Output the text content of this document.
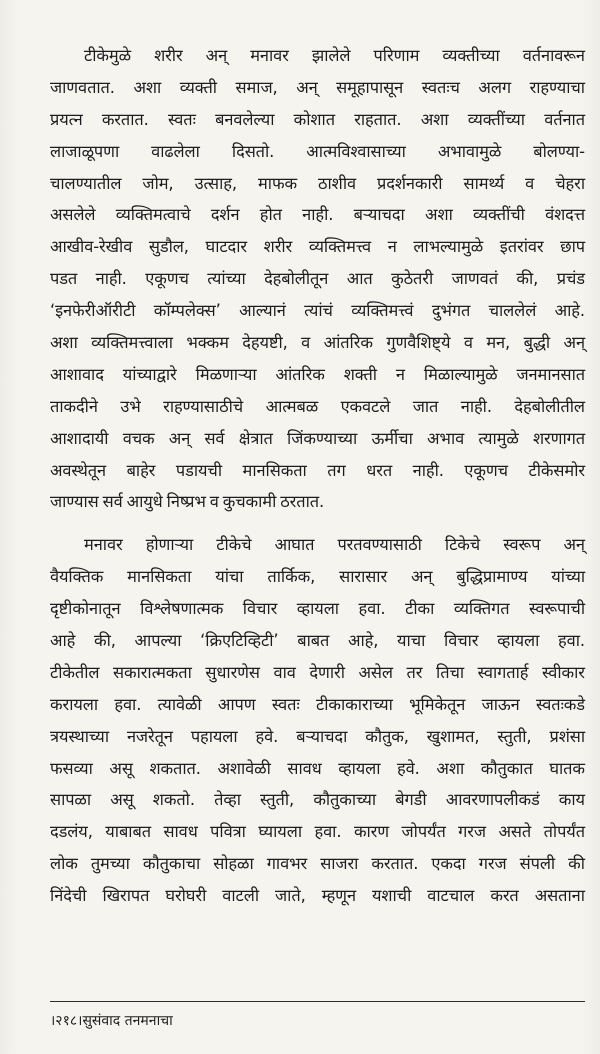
टीकेमुळे शरीर अन्‌ मनावर झालेले परिणाम व्यक्तीच्या वर्तनावरून
जाणवतात. अशा व्यक्ती समाज, अन्‌ समूहापासून स्वतःच अलग राहण्याचा
प्रयत्न करतात. स्वतः बनवलेल्या कोशात राहतात. अशा व्यक्तींच्या वर्तनात
लाजाळूपणा वाढलेला दिसतो. आत्मविश्वासाच्या अभावामुळे बोलण्या-
चालण्यातील जोम, उत्साह, माफक ठाशीव प्रदर्शनकारी सामर्थ्य व चेहरा
असलेले व्यक्तिमत्वाचे दर्शन होत नाही. बऱ्याचदा अशा व्यक्तींची वंशदत्त
आखीव-रेखीव सुडौल, घाटदार शरीर व्यक्तिमत्त्व न लाभल्यामुळे इतरांवर छाप
पडत नाही. एकूणच त्यांच्या देहबोलीतून आत कुठेतरी जाणवतं की, प्रचंड
‘इनफेरीऑरीटी कॉम्पलेक्स’ आल्यानं त्यांचं व्यक्तिमत्त्वं दुभंगत चाललेलं आहे.
अशा व्यक्तिमत्त्वाला भक्कम देहयष्टी, व आंतरिक गुणवैशिष्ट्ये व मन, बुद्धी अन्‌
आशावाद यांच्याद्वारे मिळणाऱ्या आंतरिक शक्ती न मिळाल्यामुळे जनमानसात
ताकदीने उभे राहण्यासाठीचे आत्मबळ एकवटले जात नाही. देहबोलीतील
आशादायी वचक अन्‌ सर्व क्षेत्रात जिंकण्याच्या ऊर्मीचा अभाव त्यामुळे शरणागत
अवस्थेतून बाहेर पडायची मानसिकता तग धरत नाही. एकूणच टीकेसमोर
जाण्यास सर्व आयुधे निष्प्रभ व कुचकामी ठरतात.
मनावर होणाऱ्या टीकेचे आघात परतवण्यासाठी टिकेचे स्वरूप अन्‌
वैयक्तिक मानसिकता यांचा तार्किक, सारासार अन्‌ बुद्धिप्रामाण्य यांच्या
दृष्टीकोनातून विश्लेषणात्मक विचार व्हायला हवा. टीका व्यक्तिगत स्वरूपाची
आहे की, आपल्या ‘क्रिएटिव्हिटी’ बाबत आहे, याचा विचार व्हायला हवा.
टीकेतील सकारात्मकता सुधारणेस वाव देणारी असेल तर तिचा स्वागतार्ह स्वीकार
करायला हवा. त्यावेळी आपण स्वतः टीकाकाराच्या भूमिकेतून जाऊन स्वतःकडे
त्रयस्थाच्या नजरेतून पहायला हवे. बऱ्याचदा कौतुक, खुशामत, स्तुती, प्रशंसा
फसव्या असू शकतात. अशावेळी सावध व्हायला हवे. अशा कौतुकात घातक
सापळा असू शकतो. तेव्हा स्तुती, कौतुकाच्या बेगडी आवरणापलीकडं काय
दडलंय, याबाबत सावध पवित्रा घ्यायला हवा. कारण जोपर्यंत गरज असते तोपर्यंत
लोक तुमच्या कौतुकाचा सोहळा गावभर साजरा करतात. एकदा गरज संपली की
निंदेची खिरापत घरोघरी वाटली जाते, म्हणून यशाची वाटचाल करत असताना
।२१८।सुसंवाद तनमनाचा
